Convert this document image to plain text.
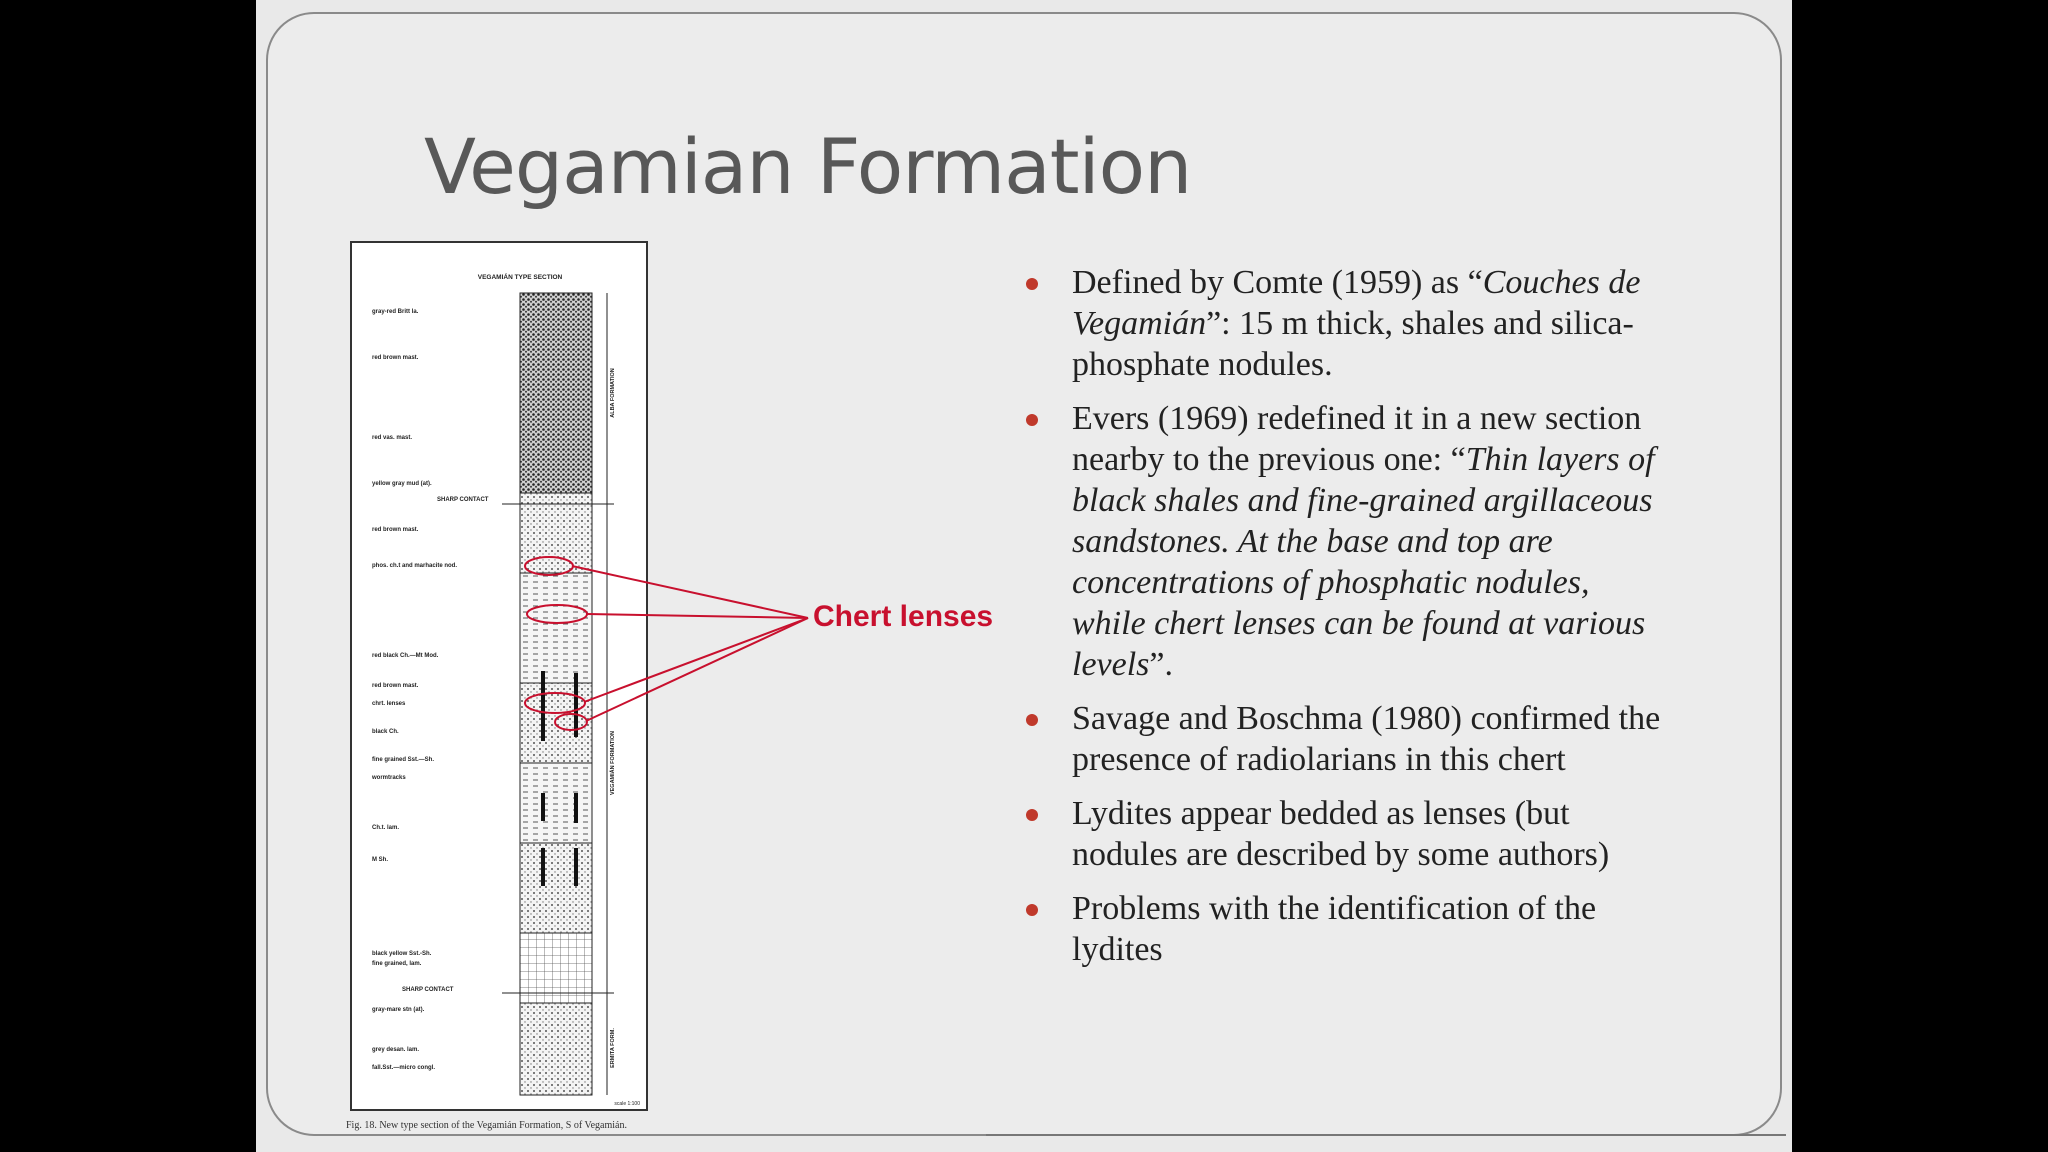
Vegamian Formation
VEGAMIÁN TYPE SECTION
ALBA FORMATION
VEGAMIÁN FORMATION
ERMITA FORM.
gray-red Britt la.
red brown mast.
red vas. mast.
yellow gray mud (at).
SHARP CONTACT
red brown mast.
phos. ch.t and marhacite nod.
red black Ch.—Mt Mod.
red brown mast.
chrt. lenses
black Ch.
fine grained Sst.—Sh.
wormtracks
Ch.t. lam.
M Sh.
black yellow Sst.-Sh.
fine grained, lam.
SHARP CONTACT
gray-mare stn (at).
grey desan. lam.
fall.Sst.—micro congl.
scale 1:100
Chert lenses
Fig. 18. New type section of the Vegamián Formation, S of Vegamián.
Defined by Comte (1959) as “Couches de Vegamián”: 15 m thick, shales and silica-phosphate nodules.
Evers (1969) redefined it in a new section nearby to the previous one: “Thin layers of black shales and fine-grained argillaceous sandstones. At the base and top are concentrations of phosphatic nodules, while chert lenses can be found at various levels”.
Savage and Boschma (1980) confirmed the presence of radiolarians in this chert
Lydites appear bedded as lenses (but nodules are described by some authors)
Problems with the identification of the lydites
